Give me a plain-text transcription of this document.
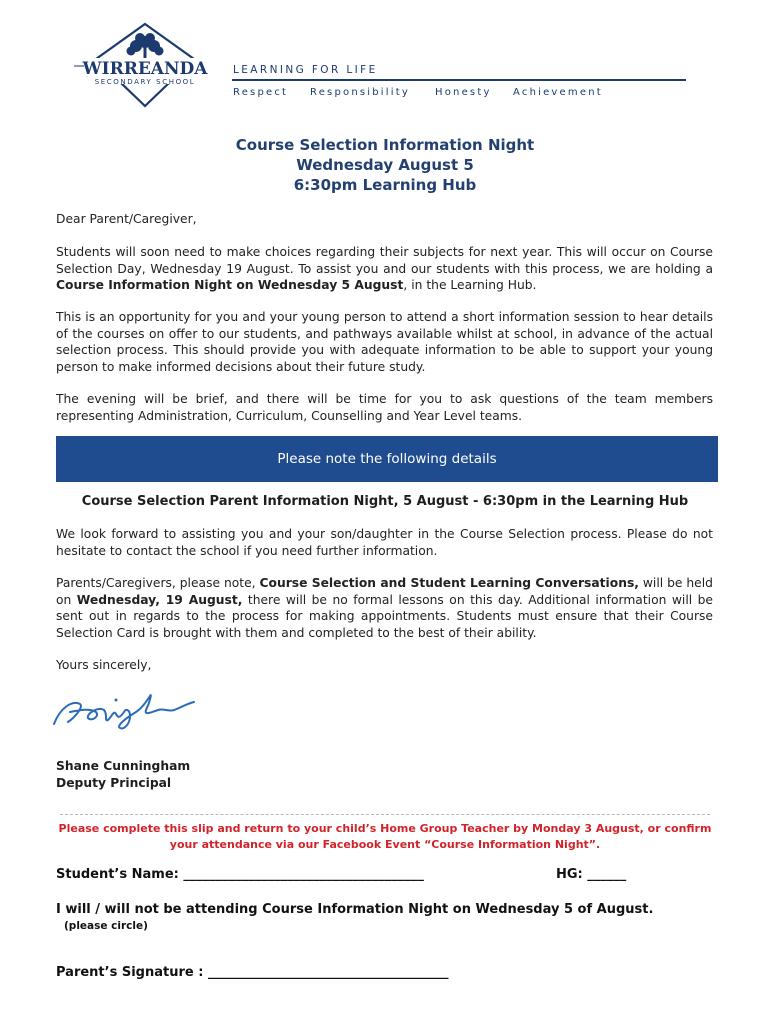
WIRREANDA
SECONDARY SCHOOL
LEARNING FOR LIFE
Respect	Responsibility	Honesty	Achievement
Course Selection Information Night
Wednesday August 5
6:30pm Learning Hub
Dear Parent/Caregiver,
Students will soon need to make choices regarding their subjects for next year. This will occur on Course Selection Day, Wednesday 19 August. To assist you and our students with this process, we are holding a Course Information Night on Wednesday 5 August, in the Learning Hub.
This is an opportunity for you and your young person to attend a short information session to hear details of the courses on offer to our students, and pathways available whilst at school, in advance of the actual selection process. This should provide you with adequate information to be able to support your young person to make informed decisions about their future study.
The evening will be brief, and there will be time for you to ask questions of the team members representing Administration, Curriculum, Counselling and Year Level teams.
Please note the following details
Course Selection Parent Information Night, 5 August - 6:30pm in the Learning Hub
We look forward to assisting you and your son/daughter in the Course Selection process. Please do not hesitate to contact the school if you need further information.
Parents/Caregivers, please note, Course Selection and Student Learning Conversations, will be held on Wednesday, 19 August, there will be no formal lessons on this day. Additional information will be sent out in regards to the process for making appointments. Students must ensure that their Course Selection Card is brought with them and completed to the best of their ability.
Yours sincerely,
Shane Cunningham
Deputy Principal
Please complete this slip and return to your child’s Home Group Teacher by Monday 3 August, or confirm
your attendance via our Facebook Event “Course Information Night”.
Student’s Name: _____________________________________	HG: ______
I will / will not be attending Course Information Night on Wednesday 5 of August.
(please circle)
Parent’s Signature : _____________________________________
